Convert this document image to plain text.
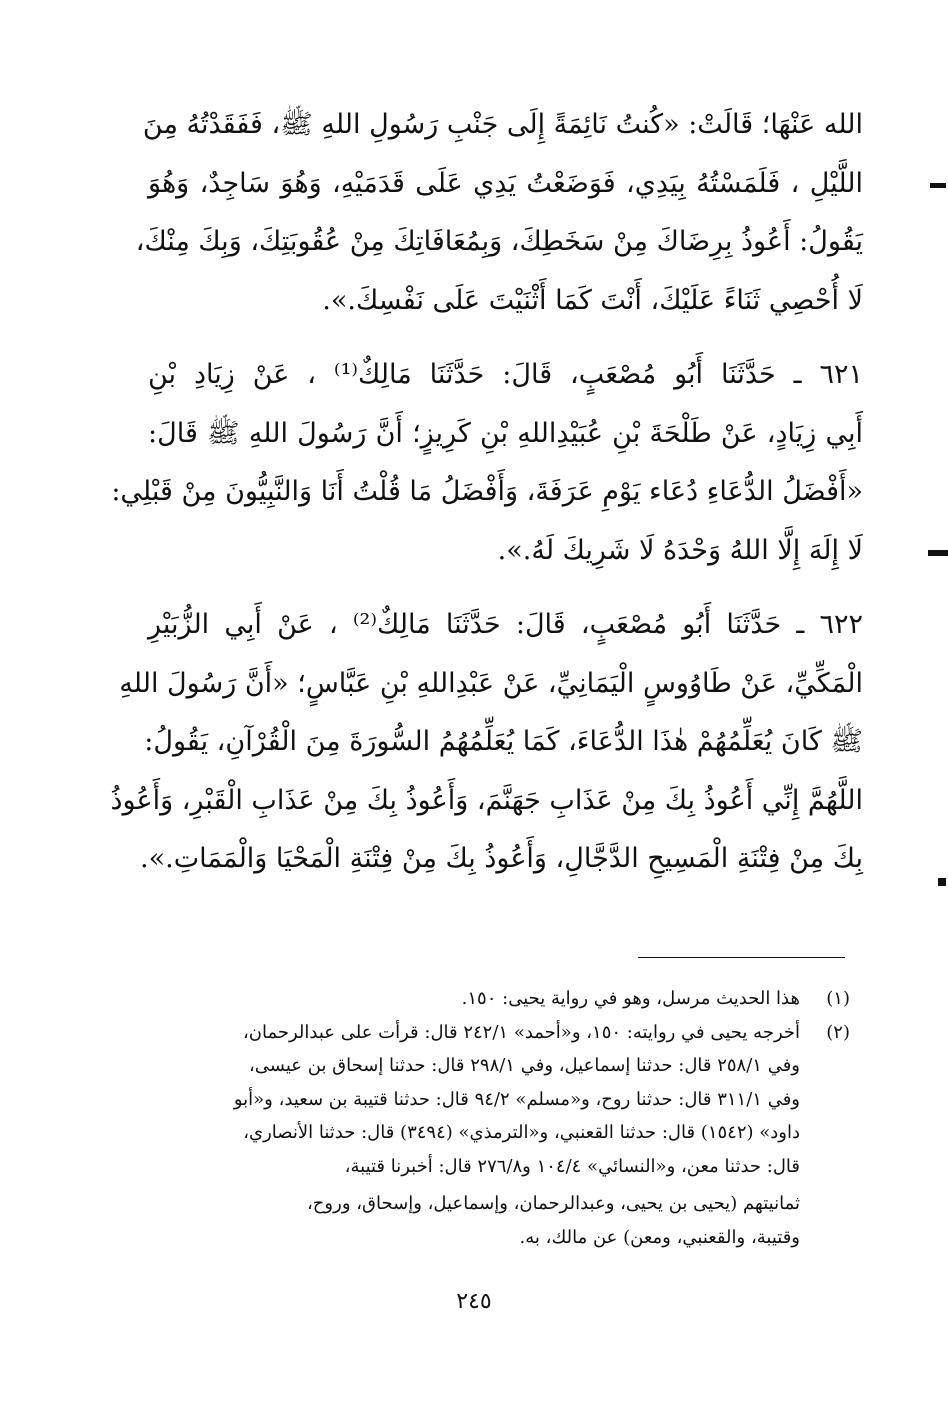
الله عَنْهَا؛ قَالَتْ: «كُنتُ نَائِمَةً إِلَى جَنْبِ رَسُولِ اللهِ ﷺ، فَفَقَدْتُهُ مِنَ
اللَّيْلِ ، فَلَمَسْتُهُ بِيَدِي، فَوَضَعْتُ يَدِي عَلَى قَدَمَيْهِ، وَهُوَ سَاجِدٌ، وَهُوَ
يَقُولُ: أَعُوذُ بِرِضَاكَ مِنْ سَخَطِكَ، وَبِمُعَافَاتِكَ مِنْ عُقُوبَتِكَ، وَبِكَ مِنْكَ،
لَا أُحْصِي ثَنَاءً عَلَيْكَ، أَنْتَ كَمَا أَثْنَيْتَ عَلَى نَفْسِكَ.».

٦٢١ ـ حَدَّثَنَا أَبُو مُصْعَبٍ، قَالَ: حَدَّثَنَا مَالِكٌ⁽¹⁾ ، عَنْ زِيَادِ بْنِ
أَبِي زِيَادٍ، عَنْ طَلْحَةَ بْنِ عُبَيْدِاللهِ بْنِ كَرِيزٍ؛ أَنَّ رَسُولَ اللهِ ﷺ قَالَ:
«أَفْضَلُ الدُّعَاءِ دُعَاء يَوْمِ عَرَفَةَ، وَأَفْضَلُ مَا قُلْتُ أَنَا وَالنَّبِيُّونَ مِنْ قَبْلِي:
لَا إِلَهَ إِلَّا اللهُ وَحْدَهُ لَا شَرِيكَ لَهُ.».

٦٢٢ ـ حَدَّثَنَا أَبُو مُصْعَبٍ، قَالَ: حَدَّثَنَا مَالِكٌ⁽²⁾ ، عَنْ أَبِي الزُّبَيْرِ
الْمَكِّيِّ، عَنْ طَاوُوسٍ الْيَمَانِيِّ، عَنْ عَبْدِاللهِ بْنِ عَبَّاسٍ؛ «أَنَّ رَسُولَ اللهِ
ﷺ كَانَ يُعَلِّمُهُمْ هٰذَا الدُّعَاءَ، كَمَا يُعَلِّمُهُمُ السُّورَةَ مِنَ الْقُرْآنِ، يَقُولُ:
اللَّهُمَّ إِنِّي أَعُوذُ بِكَ مِنْ عَذَابِ جَهَنَّمَ، وَأَعُوذُ بِكَ مِنْ عَذَابِ الْقَبْرِ، وَأَعُوذُ
بِكَ مِنْ فِتْنَةِ الْمَسِيحِ الدَّجَّالِ، وَأَعُوذُ بِكَ مِنْ فِتْنَةِ الْمَحْيَا وَالْمَمَاتِ.».

(١)
هذا الحديث مرسل، وهو في رواية يحيى: ١٥٠.
(٢)
أخرجه يحيى في روايته: ١٥٠، و«أحمد» ٢٤٢/١ قال: قرأت على عبدالرحمان،
وفي ٢٥٨/١ قال: حدثنا إسماعيل، وفي ٢٩٨/١ قال: حدثنا إسحاق بن عيسى،
وفي ٣١١/١ قال: حدثنا روح، و«مسلم» ٩٤/٢ قال: حدثنا قتيبة بن سعيد، و«أبو
داود» (١٥٤٢) قال: حدثنا القعنبي، و«الترمذي» (٣٤٩٤) قال: حدثنا الأنصاري،
قال: حدثنا معن، و«النسائي» ١٠٤/٤ و٢٧٦/٨ قال: أخبرنا قتيبة،
ثمانيتهم (يحيى بن يحيى، وعبدالرحمان، وإسماعيل، وإسحاق، وروح،
وقتيبة، والقعنبي، ومعن) عن مالك، به.
٢٤٥
